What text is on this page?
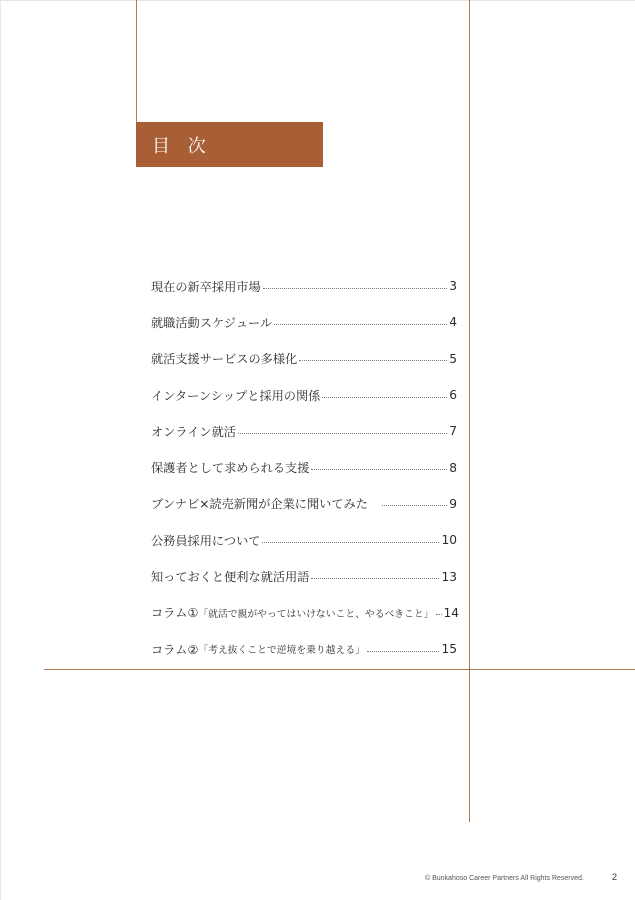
目 次
現在の新卒採用市場	3
就職活動スケジュール	4
就活支援サービスの多様化	5
インターンシップと採用の関係	6
オンライン就活	7
保護者として求められる支援	8
ブンナビ×読売新聞が企業に聞いてみた	9
公務員採用について	10
知っておくと便利な就活用語	13
コラム① 「就活で親がやってはいけないこと、やるべきこと」 14
コラム② 「考え抜くことで逆境を乗り越える」	15
© Bunkahoso Career Partners All Rights Reserved.	2
